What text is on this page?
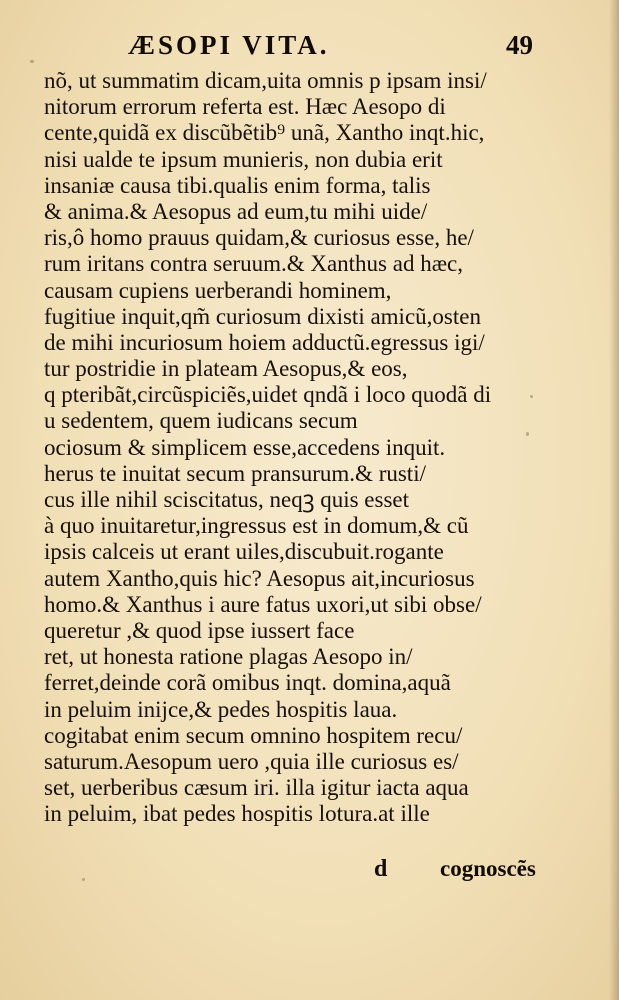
ÆSOPI VITA.	49
nõ, ut summatim dicam,uita omnis p ipsam insi/
nitorum errorum referta est. Hæc Aesopo di
cente,quidã ex discũbẽtib⁹ unã, Xantho inqt.hic,
nisi ualde te ipsum munieris, non dubia erit
insaniæ causa tibi.qualis enim forma, talis
& anima.& Aesopus ad eum,tu mihi uide/
ris,ô homo prauus quidam,& curiosus esse, he/
rum iritans contra seruum.& Xanthus ad hæc,
causam cupiens uerberandi hominem,
fugitiue inquit,qm̃ curiosum dixisti amicũ,osten
de mihi incuriosum hoiem adductũ.egressus igi/
tur postridie in plateam Aesopus,& eos,
q pteribãt,circũspiciẽs,uidet qndã i loco quodã di
u sedentem, quem iudicans secum
ociosum & simplicem esse,accedens inquit.
herus te inuitat secum pransurum.& rusti/
cus ille nihil sciscitatus, neqꝫ quis esset
à quo inuitaretur,ingressus est in domum,& cũ
ipsis calceis ut erant uiles,discubuit.rogante
autem Xantho,quis hic? Aesopus ait,incuriosus
homo.& Xanthus i aure fatus uxori,ut sibi obse/
queretur ,& quod ipse iussert face
ret, ut honesta ratione plagas Aesopo in/
ferret,deinde corã omibus inqt. domina,aquã
in peluim inijce,& pedes hospitis laua.
cogitabat enim secum omnino hospitem recu/
saturum.Aesopum uero ,quia ille curiosus es/
set, uerberibus cæsum iri. illa igitur iacta aqua
in peluim, ibat pedes hospitis lotura.at ille
d cognoscẽs
